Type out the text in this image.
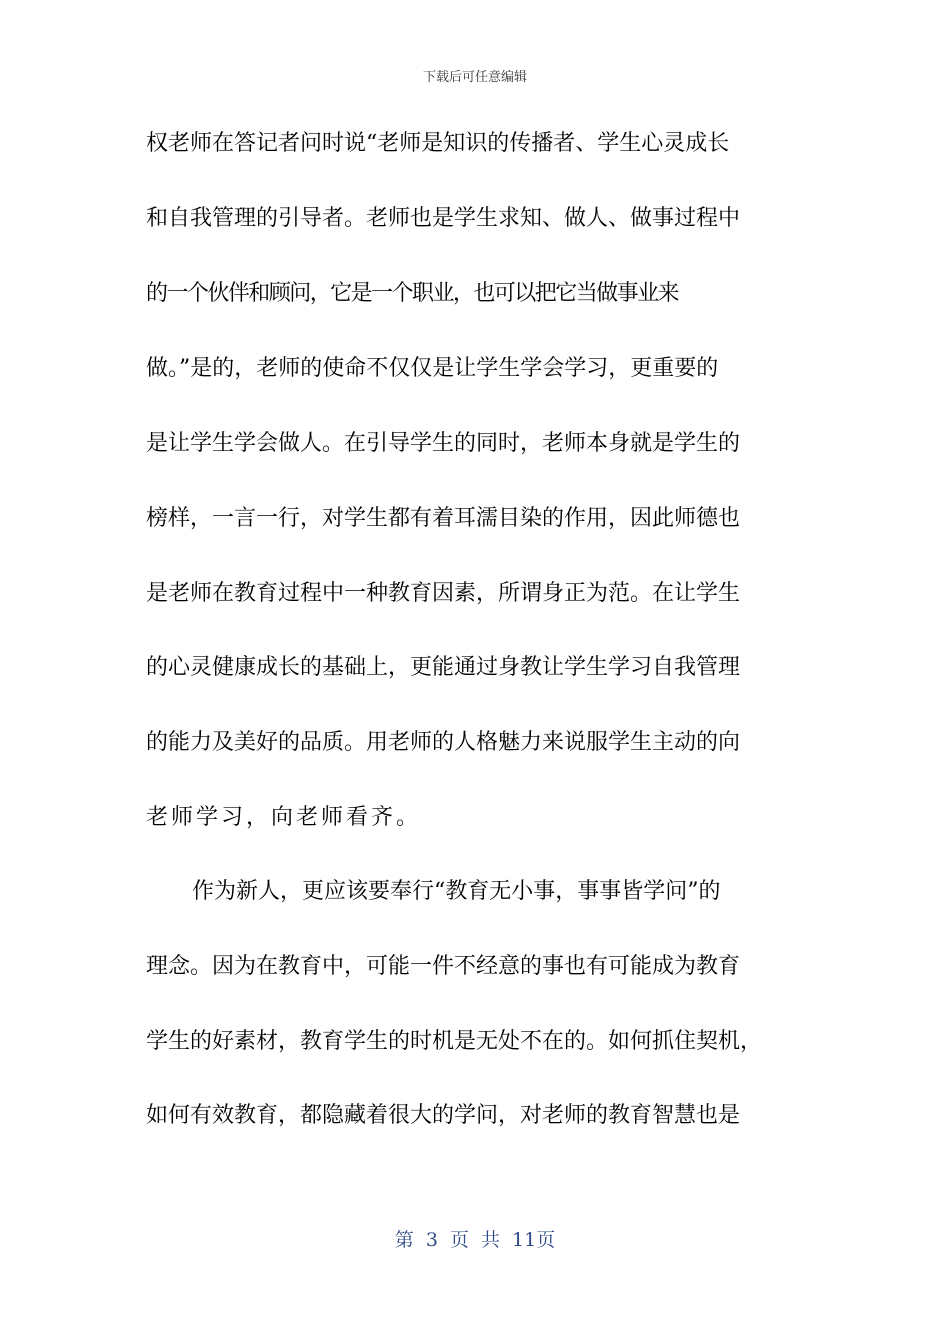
下载后可任意编辑
权老师在答记者问时说“老师是知识的传播者、学生心灵成长
和自我管理的引导者。老师也是学生求知、做人、做事过程中
的一个伙伴和顾问，它是一个职业，也可以把它当做事业来
做。”是的，老师的使命不仅仅是让学生学会学习，更重要的
是让学生学会做人。在引导学生的同时，老师本身就是学生的
榜样，一言一行，对学生都有着耳濡目染的作用，因此师德也
是老师在教育过程中一种教育因素，所谓身正为范。在让学生
的心灵健康成长的基础上，更能通过身教让学生学习自我管理
的能力及美好的品质。用老师的人格魅力来说服学生主动的向
老师学习，向老师看齐。
作为新人，更应该要奉行“教育无小事，事事皆学问”的
理念。因为在教育中，可能一件不经意的事也有可能成为教育
学生的好素材，教育学生的时机是无处不在的。如何抓住契机，
如何有效教育，都隐藏着很大的学问，对老师的教育智慧也是
第 3 页 共 11页
